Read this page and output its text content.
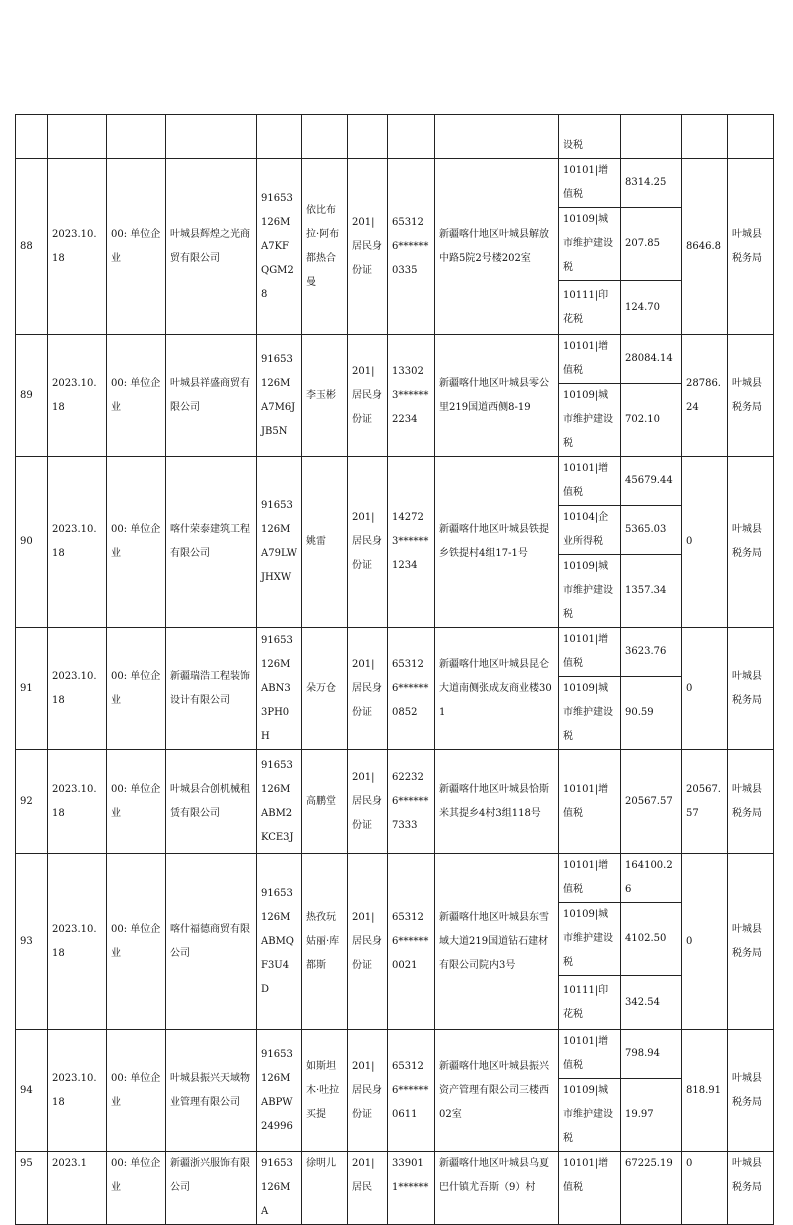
									设税			

88	2023.10.18	00: 单位企业	叶城县辉煌之光商贸有限公司	91653126MA7KFQGM28	依比布拉·阿布都热合曼	201|居民身份证	653126******0335	新疆喀什地区叶城县解放中路5院2号楼202室	10101|增值税	8314.25	8646.8	叶城县税务局

									10109|城市维护建设税	207.85		

									10111|印花税	124.70		

89	2023.10.18	00: 单位企业	叶城县祥盛商贸有限公司	91653126MA7M6JJB5N	李玉彬	201|居民身份证	133023******2234	新疆喀什地区叶城县零公里219国道西侧8-19	10101|增值税	28084.14	28786.24	叶城县税务局

									10109|城市维护建设税	702.10		

90	2023.10.18	00: 单位企业	喀什荣泰建筑工程有限公司	91653126MA79LWJHXW	姚雷	201|居民身份证	142723******1234	新疆喀什地区叶城县铁提乡铁提村4组17-1号	10101|增值税	45679.44	0	叶城县税务局

									10104|企业所得税	5365.03		

									10109|城市维护建设税	1357.34		

91	2023.10.18	00: 单位企业	新疆瑞浩工程装饰设计有限公司	91653126MABN33PH0H	朵万仓	201|居民身份证	653126******0852	新疆喀什地区叶城县昆仑大道南侧张成友商业楼301	10101|增值税	3623.76	0	叶城县税务局

									10109|城市维护建设税	90.59		

92	2023.10.18	00: 单位企业	叶城县合创机械租赁有限公司	91653126MABM2KCE3J	高鹏堂	201|居民身份证	622326******7333	新疆喀什地区叶城县恰斯米其提乡4村3组118号	10101|增值税	20567.57	20567.57	叶城县税务局

93	2023.10.18	00: 单位企业	喀什福德商贸有限公司	91653126MABMQF3U4D	热孜玩姑丽·库都斯	201|居民身份证	653126******0021	新疆喀什地区叶城县东雪域大道219国道钻石建材有限公司院内3号	10101|增值税	164100.26	0	叶城县税务局

									10109|城市维护建设税	4102.50		

									10111|印花税	342.54		

94	2023.10.18	00: 单位企业	叶城县振兴天域物业管理有限公司	91653126MABPW24996	如斯坦木·吐拉买提	201|居民身份证	653126******0611	新疆喀什地区叶城县振兴资产管理有限公司三楼西02室	10101|增值税	798.94	818.91	叶城县税务局

									10109|城市维护建设税	19.97		

95	2023.1	00: 单位企业	新疆浙兴服饰有限公司	91653126MA	徐明儿	201|居民	339011******	新疆喀什地区叶城县乌夏巴什镇尤吾斯（9）村	10101|增值税	67225.19	0	叶城县税务局
